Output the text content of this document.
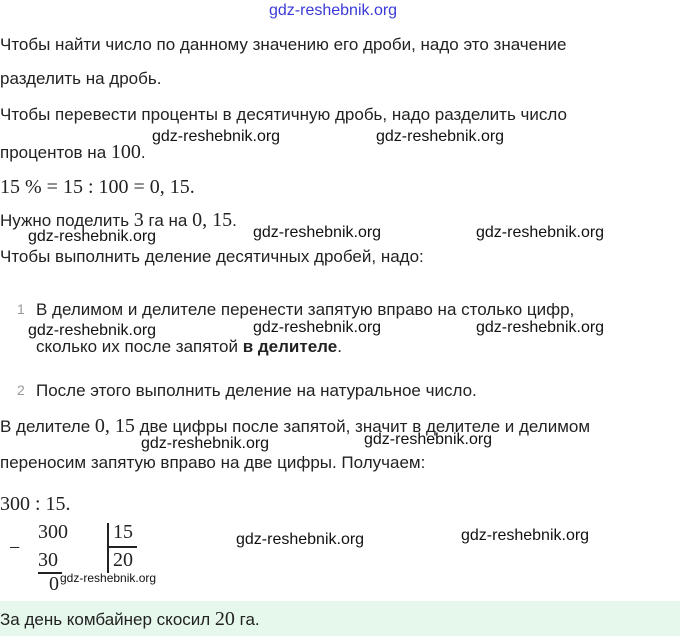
gdz-reshebnik.org
Чтобы найти число по данному значению его дроби, надо это значение
разделить на дробь.
Чтобы перевести проценты в десятичную дробь, надо разделить число
процентов на 100.
gdz-reshebnik.org	gdz-reshebnik.org
15 % = 15 : 100 = 0, 15.
Нужно поделить 3 га на 0, 15.
gdz-reshebnik.org	gdz-reshebnik.org	gdz-reshebnik.org
Чтобы выполнить деление десятичных дробей, надо:
1 В делимом и делителе перенести запятую вправо на столько цифр,
gdz-reshebnik.org	gdz-reshebnik.org	gdz-reshebnik.org
сколько их после запятой в делителе.
2 После этого выполнить деление на натуральное число.
В делителе 0, 15 две цифры после запятой, значит в делителе и делимом
gdz-reshebnik.org	gdz-reshebnik.org
переносим запятую вправо на две цифры. Получаем:
300 : 15.
−
300
30
0
15
20
gdz-reshebnik.org	gdz-reshebnik.org
gdz-reshebnik.org
За день комбайнер скосил 20 га.
